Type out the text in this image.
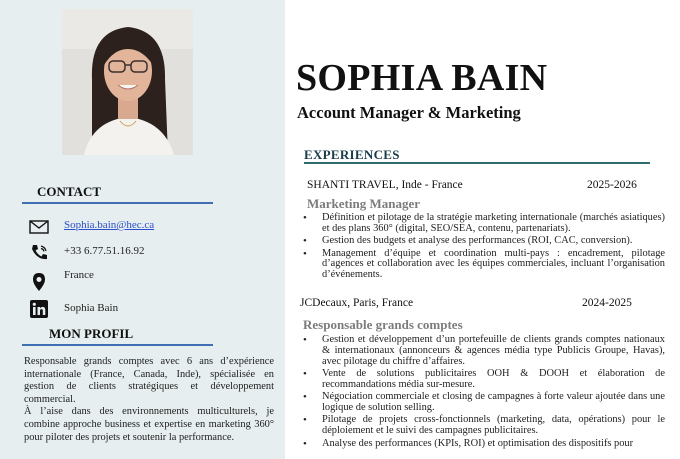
CONTACT
Sophia.bain@hec.ca
+33 6.77.51.16.92
France
Sophia Bain
MON PROFIL

Responsable grands comptes avec 6 ans d’expérience internationale (France, Canada, Inde), spécialisée en gestion de clients stratégiques et développement commercial.

À l’aise dans des environnements multiculturels, je combine approche business et expertise en marketing 360° pour piloter des projets et soutenir la performance.

SOPHIA BAIN
Account Manager & Marketing
EXPERIENCES
SHANTI TRAVEL, Inde - France	2025-2026
Marketing Manager
• Définition et pilotage de la stratégie marketing internationale (marchés asiatiques) et des plans 360° (digital, SEO/SEA, contenu, partenariats).
• Gestion des budgets et analyse des performances (ROI, CAC, conversion).
• Management d’équipe et coordination multi-pays : encadrement, pilotage d’agences et collaboration avec les équipes commerciales, incluant l’organisation d’événements.
JCDecaux, Paris, France	2024-2025
Responsable grands comptes
• Gestion et développement d’un portefeuille de clients grands comptes nationaux & internationaux (annonceurs & agences média type Publicis Groupe, Havas), avec pilotage du chiffre d’affaires.
• Vente de solutions publicitaires OOH & DOOH et élaboration de recommandations média sur-mesure.
• Négociation commerciale et closing de campagnes à forte valeur ajoutée dans une logique de solution selling.
• Pilotage de projets cross-fonctionnels (marketing, data, opérations) pour le déploiement et le suivi des campagnes publicitaires.
• Analyse des performances (KPIs, ROI) et optimisation des dispositifs pour
